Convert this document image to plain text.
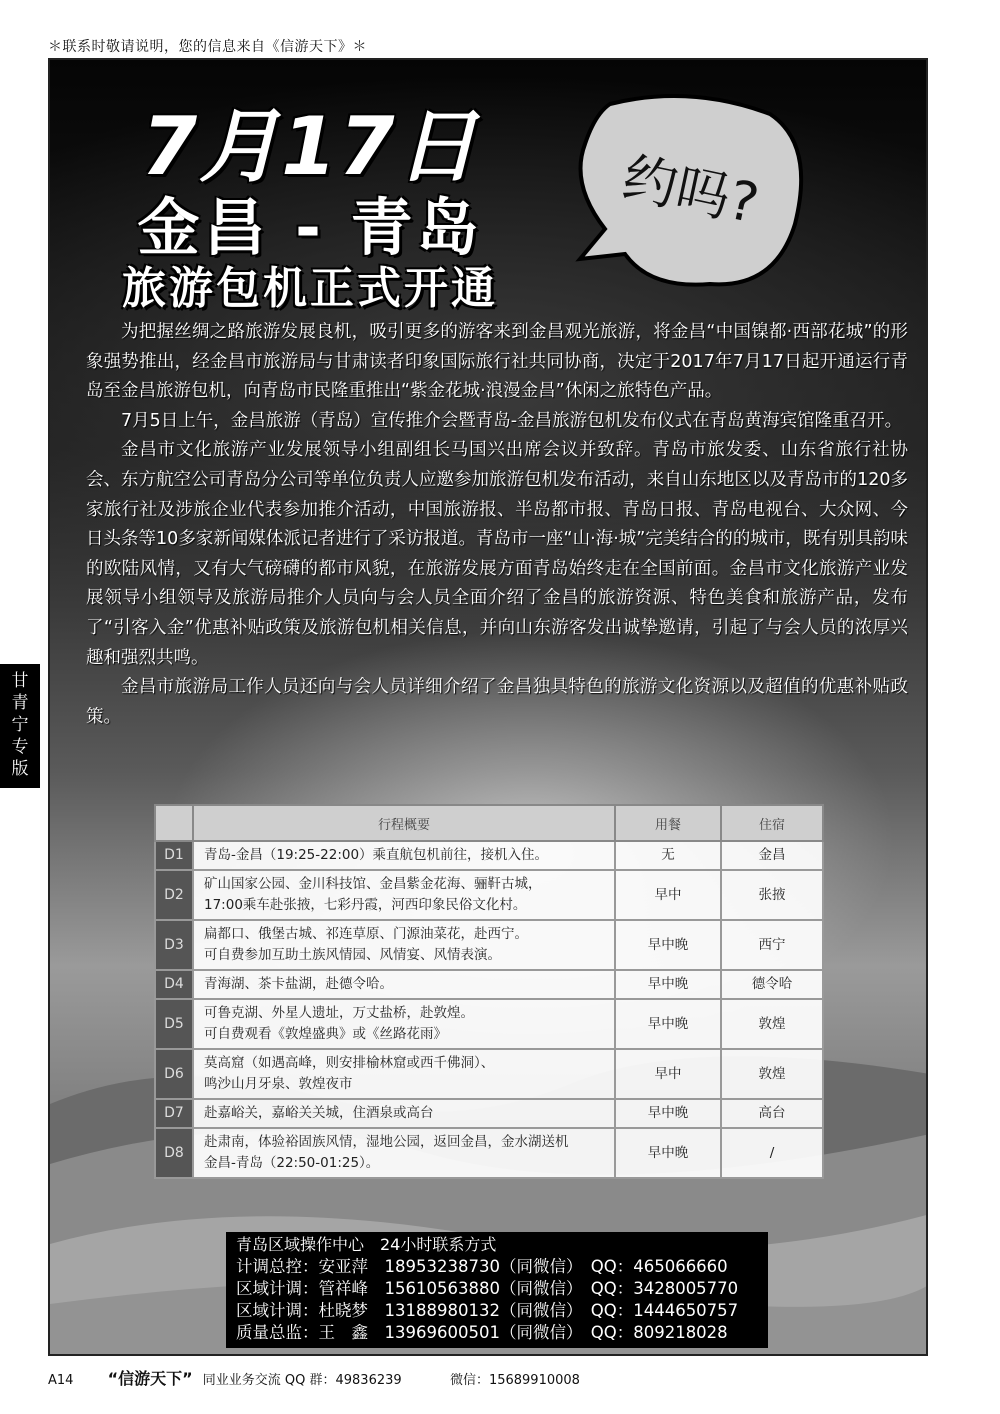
＊联系时敬请说明，您的信息来自《信游天下》＊
7月17日
金昌 - 青岛
旅游包机正式开通
约吗?

为把握丝绸之路旅游发展良机，吸引更多的游客来到金昌观光旅游，将金昌“中国镍都·西部花城”的形象强势推出，经金昌市旅游局与甘肃读者印象国际旅行社共同协商，决定于2017年7月17日起开通运行青岛至金昌旅游包机，向青岛市民隆重推出“紫金花城·浪漫金昌”休闲之旅特色产品。

7月5日上午，金昌旅游（青岛）宣传推介会暨青岛-金昌旅游包机发布仪式在青岛黄海宾馆隆重召开。

金昌市文化旅游产业发展领导小组副组长马国兴出席会议并致辞。青岛市旅发委、山东省旅行社协会、东方航空公司青岛分公司等单位负责人应邀参加旅游包机发布活动，来自山东地区以及青岛市的120多家旅行社及涉旅企业代表参加推介活动，中国旅游报、半岛都市报、青岛日报、青岛电视台、大众网、今日头条等10多家新闻媒体派记者进行了采访报道。青岛市一座“山·海·城”完美结合的的城市，既有别具韵味的欧陆风情，又有大气磅礴的都市风貌，在旅游发展方面青岛始终走在全国前面。金昌市文化旅游产业发展领导小组领导及旅游局推介人员向与会人员全面介绍了金昌的旅游资源、特色美食和旅游产品，发布了“引客入金”优惠补贴政策及旅游包机相关信息，并向山东游客发出诚挚邀请，引起了与会人员的浓厚兴趣和强烈共鸣。

金昌市旅游局工作人员还向与会人员详细介绍了金昌独具特色的旅游文化资源以及超值的优惠补贴政策。

	行程概要	用餐	住宿
D1	青岛-金昌（19:25-22:00）乘直航包机前往，接机入住。	无	金昌
D2	矿山国家公园、金川科技馆、金昌紫金花海、骊靬古城，
17:00乘车赴张掖，七彩丹霞，河西印象民俗文化村。	早中	张掖
D3	扁都口、俄堡古城、祁连草原、门源油菜花，赴西宁。
可自费参加互助土族风情园、风情宴、风情表演。	早中晚	西宁
D4	青海湖、茶卡盐湖，赴德令哈。	早中晚	德令哈
D5	可鲁克湖、外星人遗址，万丈盐桥，赴敦煌。
可自费观看《敦煌盛典》或《丝路花雨》	早中晚	敦煌
D6	莫高窟（如遇高峰，则安排榆林窟或西千佛洞）、
鸣沙山月牙泉、敦煌夜市	早中	敦煌
D7	赴嘉峪关，嘉峪关关城，住酒泉或高台	早中晚	高台
D8	赴肃南，体验裕固族风情，湿地公园，返回金昌，金水湖送机
金昌-青岛（22:50-01:25）。	早中晚	/
青岛区域操作中心　24小时联系方式
计调总控：安亚萍　18953238730（同微信）　QQ：465066660
区域计调：管祥峰　15610563880（同微信）　QQ：3428005770
区域计调：杜晓梦　13188980132（同微信）　QQ：1444650757
质量总监：王　鑫　13969600501（同微信）　QQ：809218028
甘
青
宁
专
版
A14 “信游天下” 同业业务交流 QQ 群：49836239	微信：15689910008
